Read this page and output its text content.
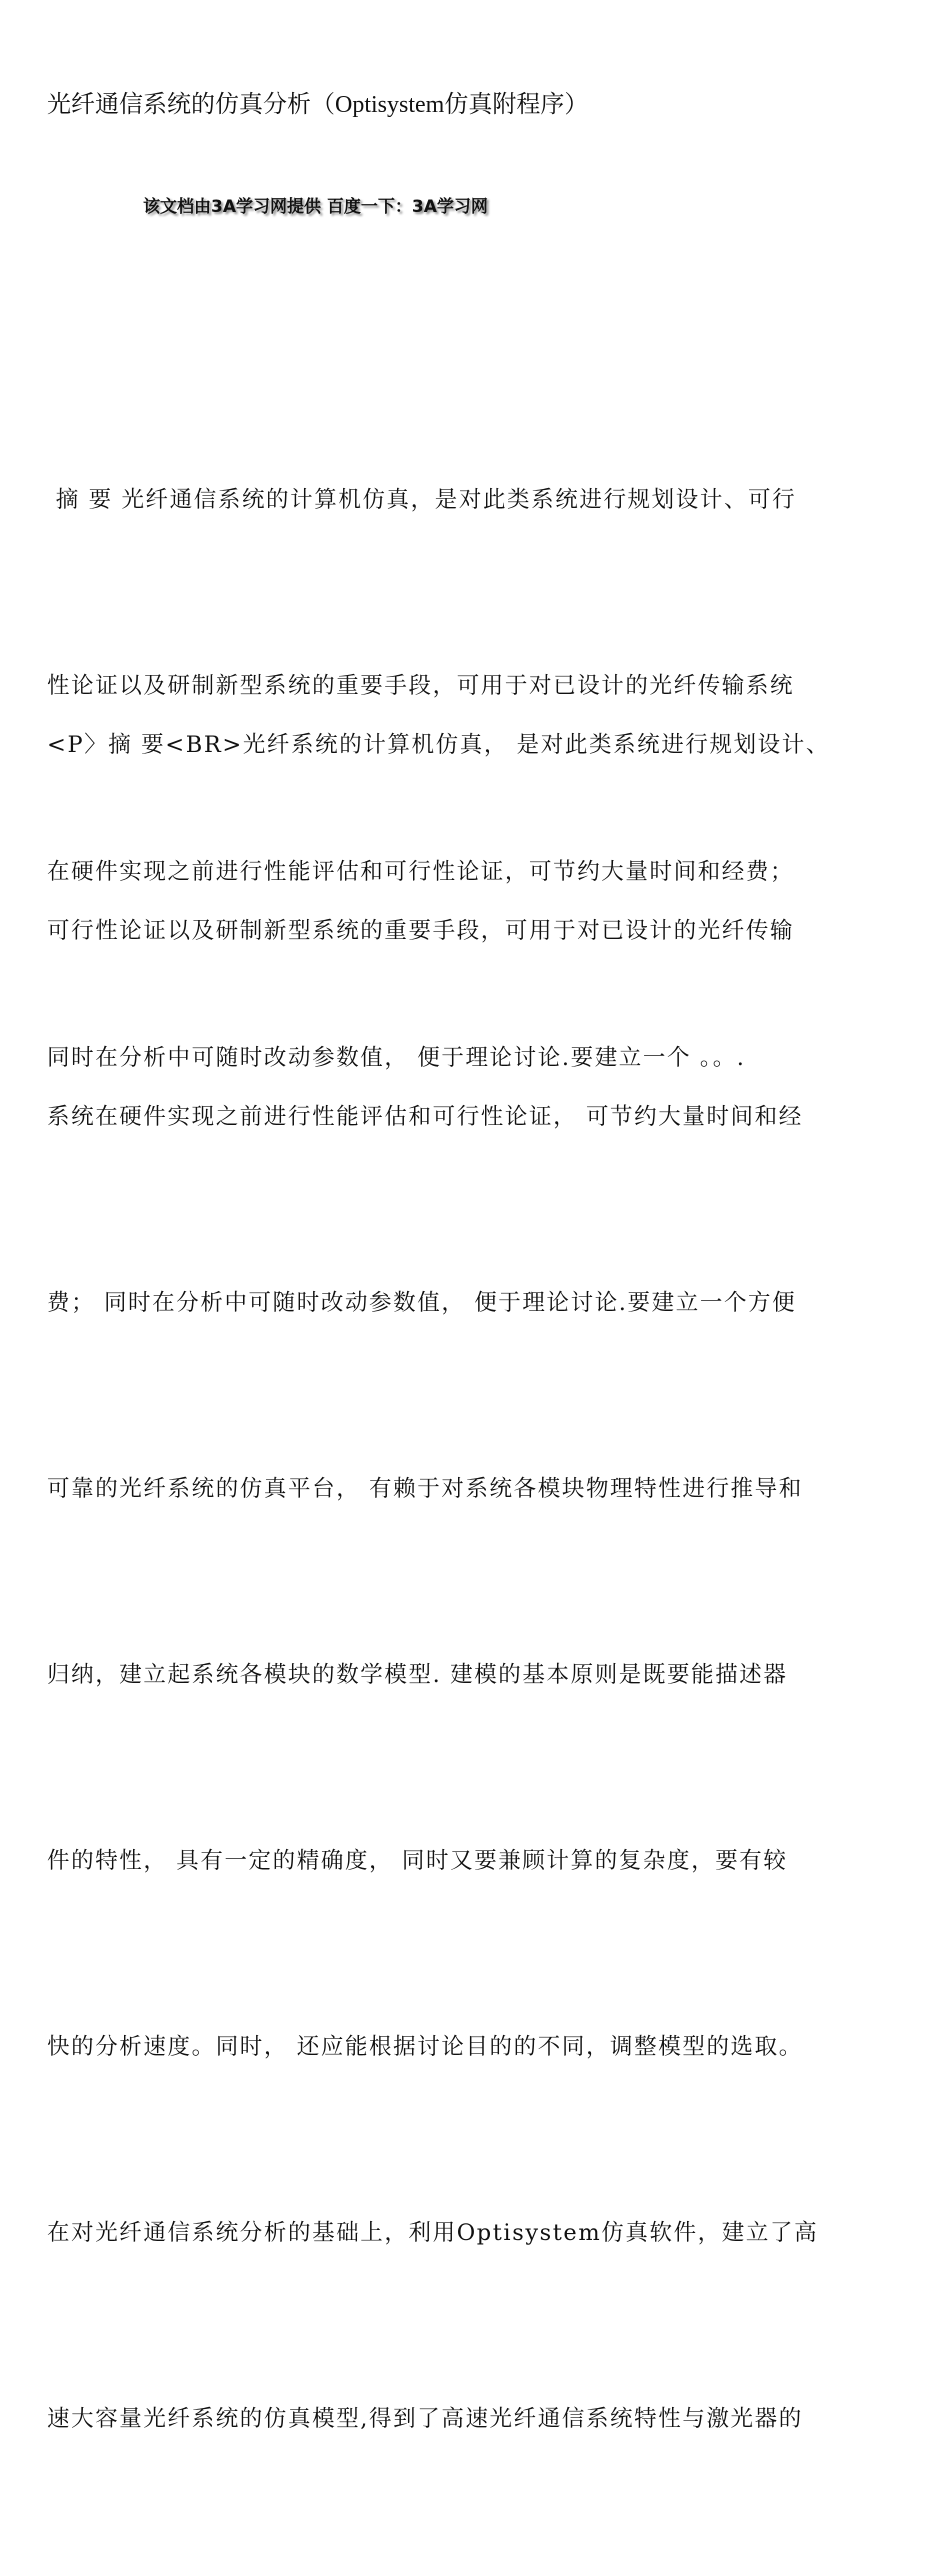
光纤通信系统的仿真分析（Optisystem仿真附程序）
该文档由3A学习网提供 百度一下：3A学习网

摘 要 光纤通信系统的计算机仿真，是对此类系统进行规划设计、可行

性论证以及研制新型系统的重要手段，可用于对已设计的光纤传输系统

在硬件实现之前进行性能评估和可行性论证，可节约大量时间和经费；

同时在分析中可随时改动参数值， 便于理论讨论.要建立一个 。。.

<P〉摘 要<BR>光纤系统的计算机仿真， 是对此类系统进行规划设计、

可行性论证以及研制新型系统的重要手段，可用于对已设计的光纤传输

系统在硬件实现之前进行性能评估和可行性论证， 可节约大量时间和经

费； 同时在分析中可随时改动参数值， 便于理论讨论.要建立一个方便

可靠的光纤系统的仿真平台， 有赖于对系统各模块物理特性进行推导和

归纳，建立起系统各模块的数学模型. 建模的基本原则是既要能描述器

件的特性， 具有一定的精确度， 同时又要兼顾计算的复杂度，要有较

快的分析速度。同时， 还应能根据讨论目的的不同，调整模型的选取。

在对光纤通信系统分析的基础上，利用Optisystem仿真软件，建立了高

速大容量光纤系统的仿真模型,得到了高速光纤通信系统特性与激光器的
